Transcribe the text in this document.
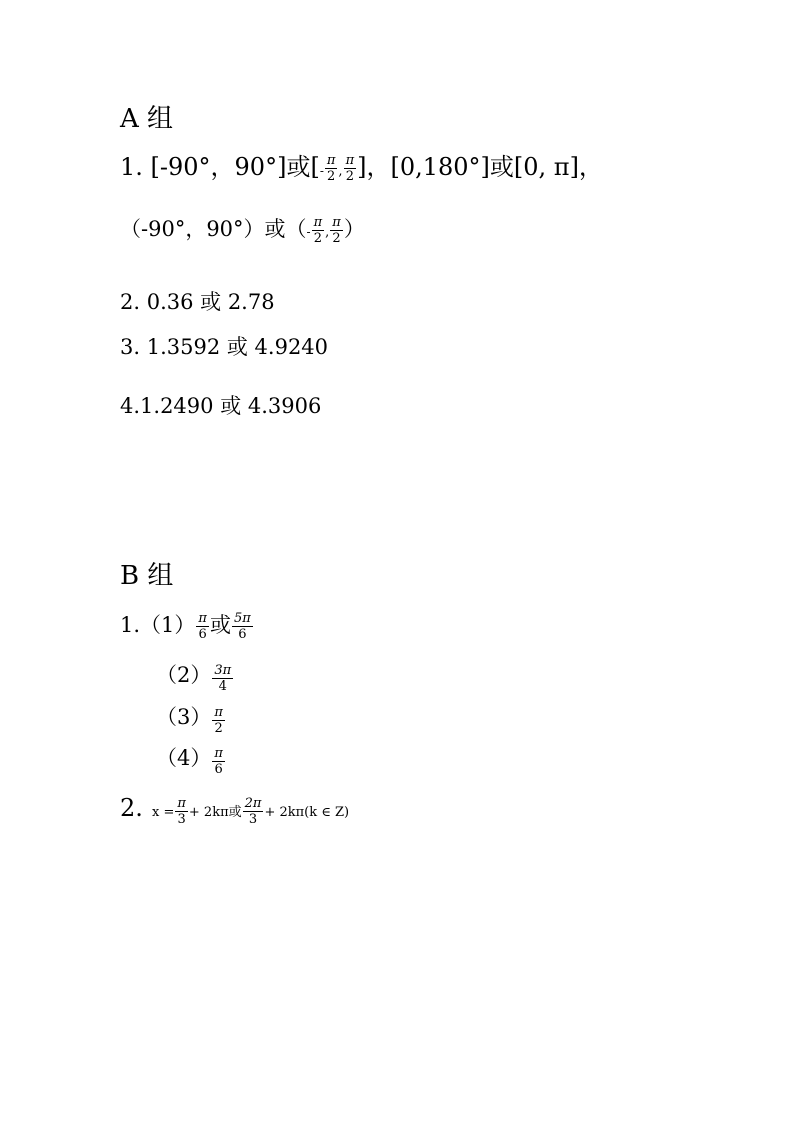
A 组
1. [-90°，90°]或[- $\frac{\pi}{2}$ , $\frac{\pi}{2}$ ]，[0,180°]或[0, π]，
（-90°，90°）或（- $\frac{\pi}{2}$ , $\frac{\pi}{2}$ ）
2. 0.36 或 2.78
3. 1.3592 或 4.9240
4.1.2490 或 4.3906
B 组
$1.(1) \frac{\pi}{6}$ 或 $\frac{5\pi}{6}$
$(2) \frac{3\pi}{4}$
$(3) \frac{\pi}{2}$
$(4) \frac{\pi}{6}$
2. $x = \frac{\pi}{3} + 2k\pi$或 $\frac{2\pi}{3} + 2k\pi(k$ ∈ Z)
